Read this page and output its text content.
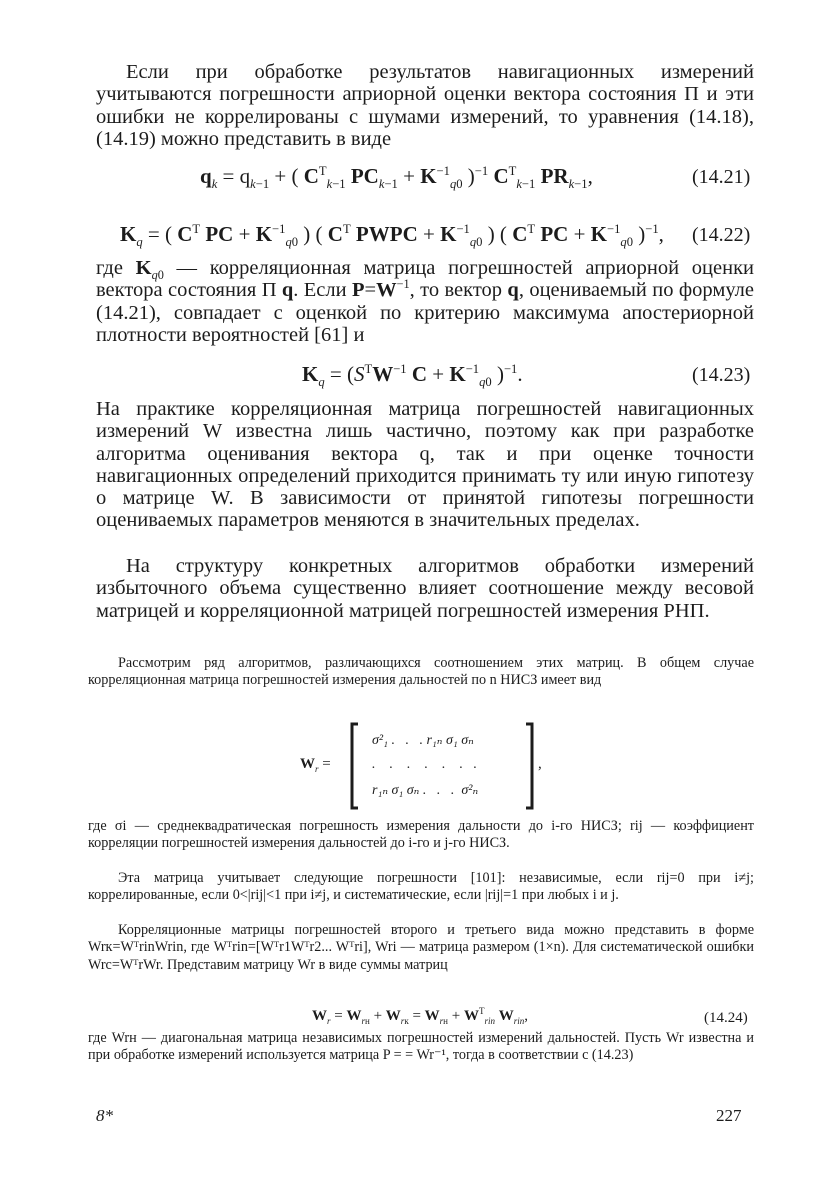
Если при обработке результатов навигационных измерений учитываются погрешности априорной оценки вектора состояния П и эти ошибки не коррелированы с шумами измерений, то уравнения (14.18), (14.19) можно представить в виде
$q_k = q_{k-1}$ + ( $C^T_{k-1}$ $PC_{k-1} + K^{-1}_{q0}$ )$^{-1}$ $C^T_{k-1}$ $PR_{k-1}$,	(14.21)
$K_q$ = ( $C^T$ PC + $K^{-1}_{q0}$ ) ( $C^T$ PWPC + $K^{-1}_{q0}$ ) ( $C^T$ PC + $K^{-1}_{q0}$ )$^{-1}$, (14.22)
где $K_{q0}$ — корреляционная матрица погрешностей априорной оценки вектора состояния П q. Если $P=W^{-1}$, то вектор q, оцениваемый по формуле (14.21), совпадает с оценкой по критерию максимума апостериорной плотности вероятностей [61] и
$K_q = (S^TW^{-1}$ $C + K^{-1}_{q0}$ )$^{-1}$.	(14.23)
На практике корреляционная матрица погрешностей навигационных измерений W известна лишь частично, поэтому как при разработке алгоритма оценивания вектора q, так и при оценке точности навигационных определений приходится принимать ту или иную гипотезу о матрице W. В зависимости от принятой гипотезы погрешности оцениваемых параметров меняются в значительных пределах.
На структуру конкретных алгоритмов обработки измерений избыточного объема существенно влияет соотношение между весовой матрицей и корреляционной матрицей погрешностей измерения РНП.
Рассмотрим ряд алгоритмов, различающихся соотношением этих матриц. В общем случае корреляционная матрица погрешностей измерения дальностей по n НИСЗ имеет вид
$W_r$ =
σ²₁ .   .   . r₁ₙ σ₁ σₙ
.    .    .    .    .    .   .
r₁ₙ σ₁ σₙ .   .   .  σ²ₙ
,
где σi — среднеквадратическая погрешность измерения дальности до i-го НИСЗ; rij — коэффициент корреляции погрешностей измерения дальностей до i-го и j-го НИСЗ.
Эта матрица учитывает следующие погрешности [101]: независимые, если rij=0 при i≠j; коррелированные, если 0<|rij|<1 при i≠j, и систематические, если |rij|=1 при любых i и j.
Корреляционные матрицы погрешностей второго и третьего вида можно представить в форме Wrк=WᵀrinWrin, где Wᵀrin=[Wᵀr1Wᵀr2... Wᵀri], Wri — матрица размером (1×n). Для систематической ошибки Wrc=WᵀrWr. Представим матрицу Wr в виде суммы матриц
$W_r = W_{rн} + W_{rк} = W_{rн} + W^T_{rin}$ $W_{rin}$,	(14.24)
где Wrн — диагональная матрица независимых погрешностей измерений дальностей. Пусть Wr известна и при обработке измерений используется матрица P = = Wr⁻¹, тогда в соответствии с (14.23)
8*	227
